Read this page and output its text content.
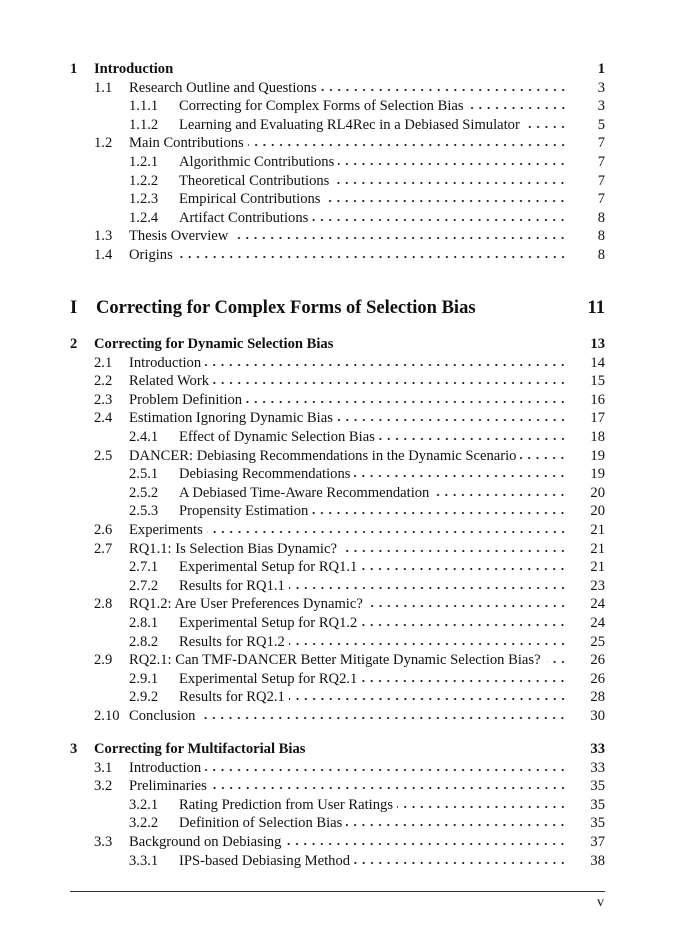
1	Introduction	1
1.1	Research Outline and Questions	3
1.1.1	Correcting for Complex Forms of Selection Bias	3
1.1.2	Learning and Evaluating RL4Rec in a Debiased Simulator	5
1.2	Main Contributions	7
1.2.1	Algorithmic Contributions	7
1.2.2	Theoretical Contributions	7
1.2.3	Empirical Contributions	7
1.2.4	Artifact Contributions	8
1.3	Thesis Overview	8
1.4	Origins	8
I	Correcting for Complex Forms of Selection Bias	11
2	Correcting for Dynamic Selection Bias	13
2.1	Introduction	14
2.2	Related Work	15
2.3	Problem Definition	16
2.4	Estimation Ignoring Dynamic Bias	17
2.4.1	Effect of Dynamic Selection Bias	18
2.5	DANCER: Debiasing Recommendations in the Dynamic Scenario	19
2.5.1	Debiasing Recommendations	19
2.5.2	A Debiased Time-Aware Recommendation	20
2.5.3	Propensity Estimation	20
2.6	Experiments	21
2.7	RQ1.1: Is Selection Bias Dynamic?	21
2.7.1	Experimental Setup for RQ1.1	21
2.7.2	Results for RQ1.1	23
2.8	RQ1.2: Are User Preferences Dynamic?	24
2.8.1	Experimental Setup for RQ1.2	24
2.8.2	Results for RQ1.2	25
2.9	RQ2.1: Can TMF-DANCER Better Mitigate Dynamic Selection Bias?	26
2.9.1	Experimental Setup for RQ2.1	26
2.9.2	Results for RQ2.1	28
2.10 Conclusion	30
3	Correcting for Multifactorial Bias	33
3.1	Introduction	33
3.2	Preliminaries	35
3.2.1	Rating Prediction from User Ratings	35
3.2.2	Definition of Selection Bias	35
3.3	Background on Debiasing	37
3.3.1	IPS-based Debiasing Method	38
v
